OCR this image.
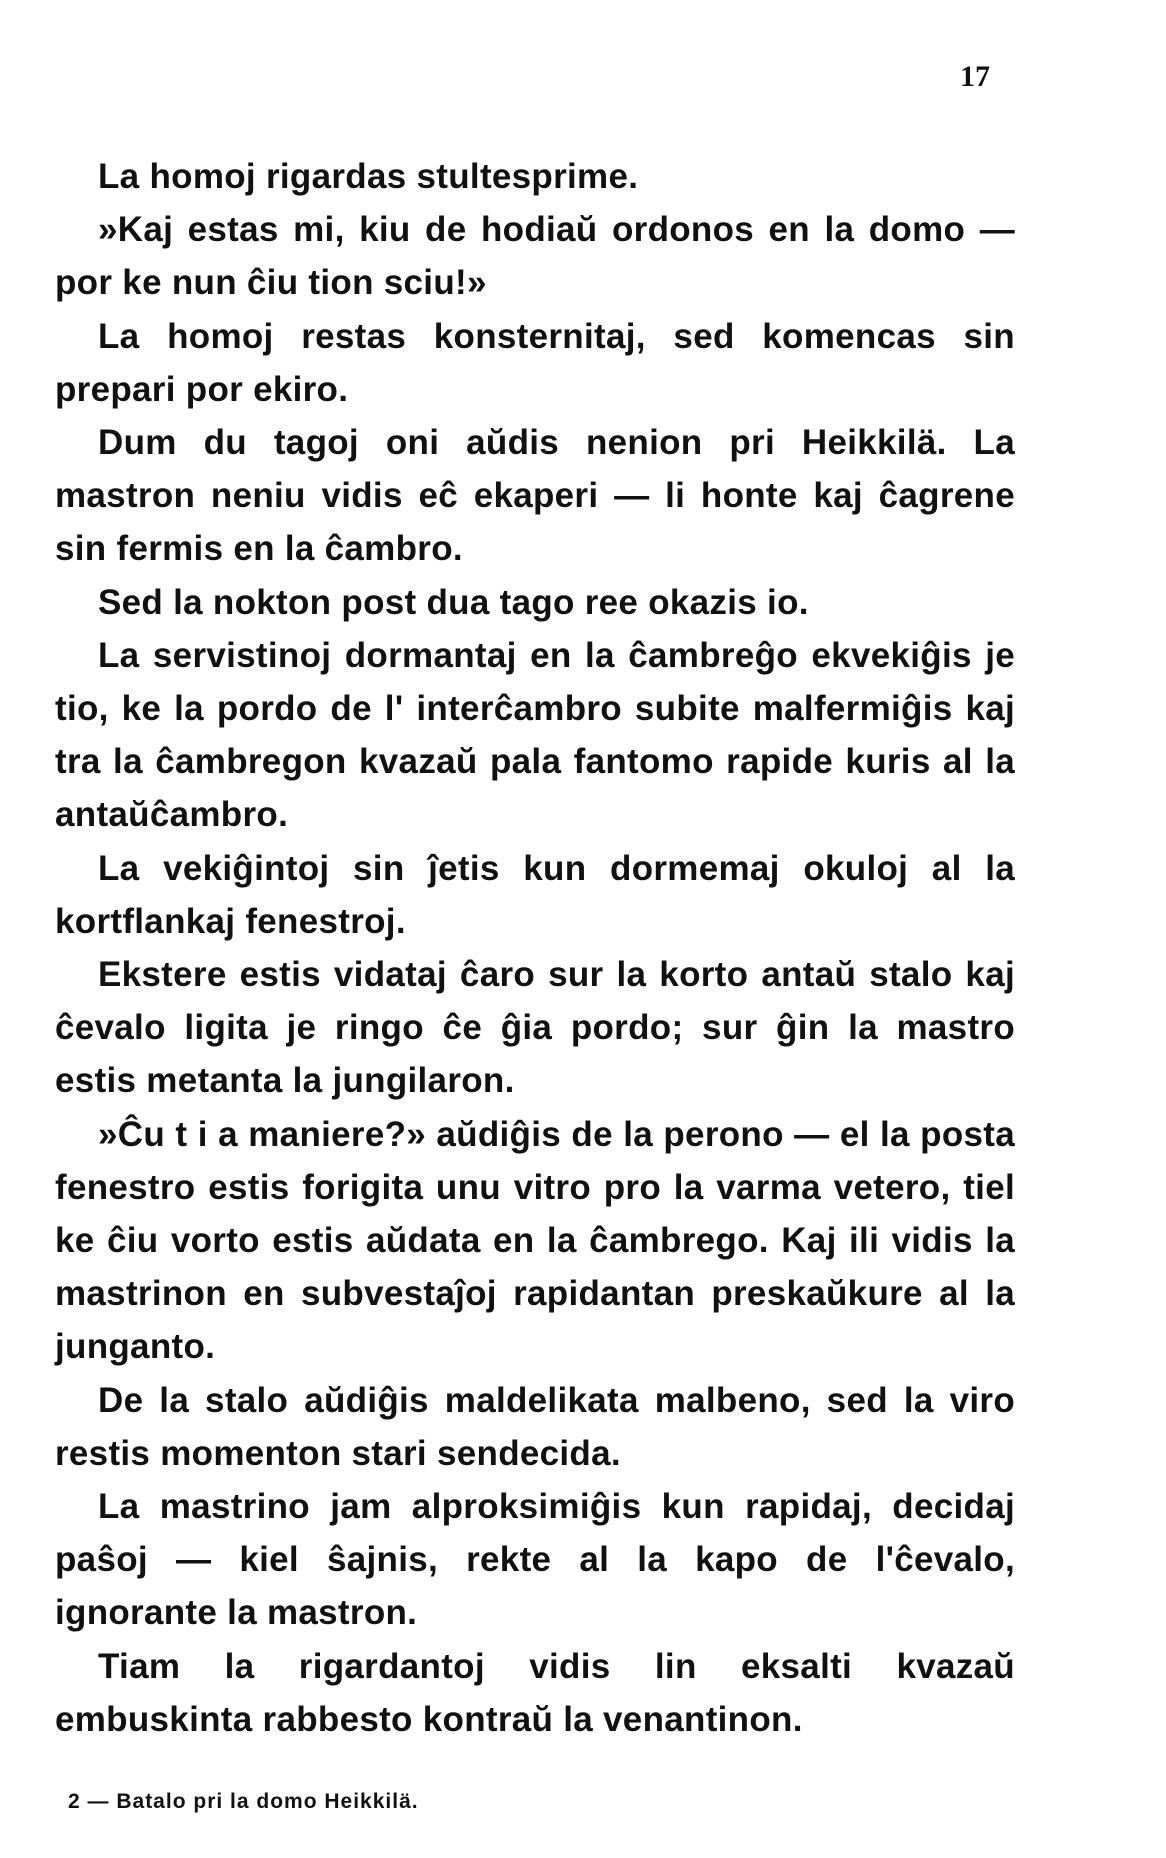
17

La homoj rigardas stultesprime.

»Kaj estas mi, kiu de hodiaŭ ordonos en la domo — por ke nun ĉiu tion sciu!»

La homoj restas konsternitaj, sed komencas sin prepari por ekiro.

Dum du tagoj oni aŭdis nenion pri Heikkilä. La mastron neniu vidis eĉ ekaperi — li honte kaj ĉagrene sin fermis en la ĉambro.

Sed la nokton post dua tago ree okazis io.

La servistinoj dormantaj en la ĉambreĝo ekvekiĝis je tio, ke la pordo de l' interĉambro subite malfermiĝis kaj tra la ĉambregon kvazaŭ pala fantomo rapide kuris al la antaŭĉambro.

La vekiĝintoj sin ĵetis kun dormemaj okuloj al la kortflankaj fenestroj.

Ekstere estis vidataj ĉaro sur la korto antaŭ stalo kaj ĉevalo ligita je ringo ĉe ĝia pordo; sur ĝin la mastro estis metanta la jungilaron.

»Ĉu t i a maniere?» aŭdiĝis de la perono — el la posta fenestro estis forigita unu vitro pro la varma vetero, tiel ke ĉiu vorto estis aŭdata en la ĉambrego. Kaj ili vidis la mastrinon en subvestaĵoj rapidantan preskaŭkure al la junganto.

De la stalo aŭdiĝis maldelikata malbeno, sed la viro restis momenton stari sendecida.

La mastrino jam alproksimiĝis kun rapidaj, decidaj paŝoj — kiel ŝajnis, rekte al la kapo de l'ĉevalo, ignorante la mastron.

Tiam la rigardantoj vidis lin eksalti kvazaŭ embuskinta rabbesto kontraŭ la venantinon.

2 — Batalo pri la domo Heikkilä.
